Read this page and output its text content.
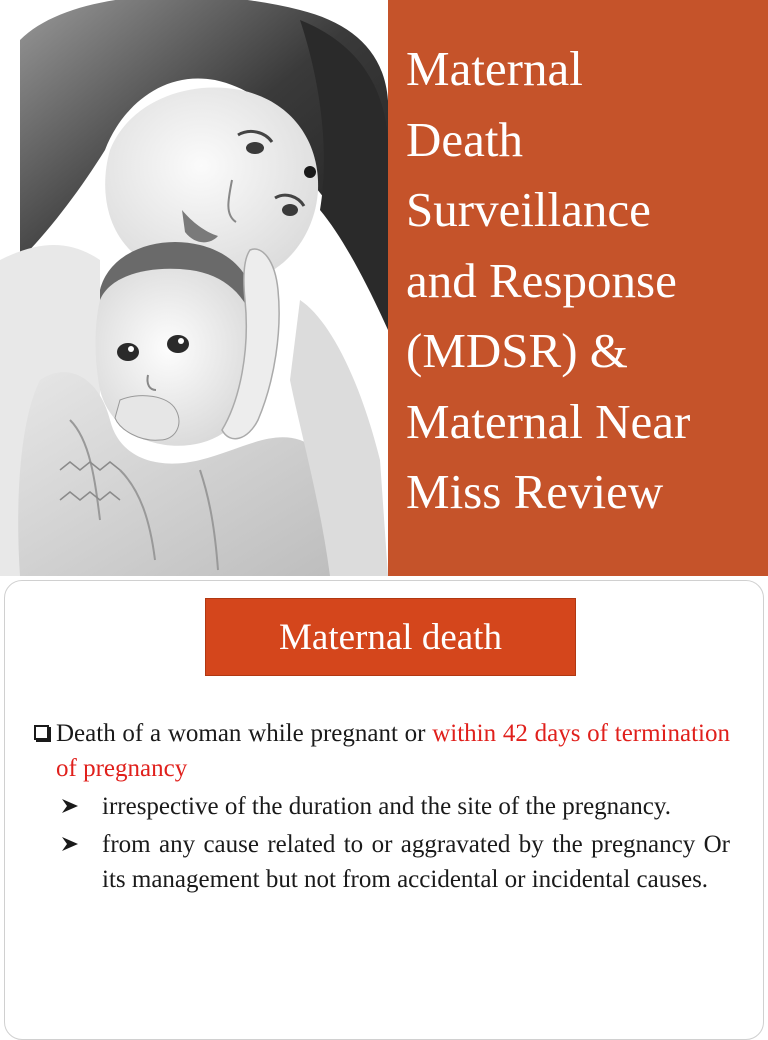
Maternal
Death
Surveillance
and Response
(MDSR) &
Maternal Near
Miss Review
Maternal death
Death of a woman while pregnant or within 42 days of termination of pregnancy
irrespective of the duration and the site of the pregnancy.
from any cause related to or aggravated by the pregnancy Or its management but not from accidental or incidental causes.
